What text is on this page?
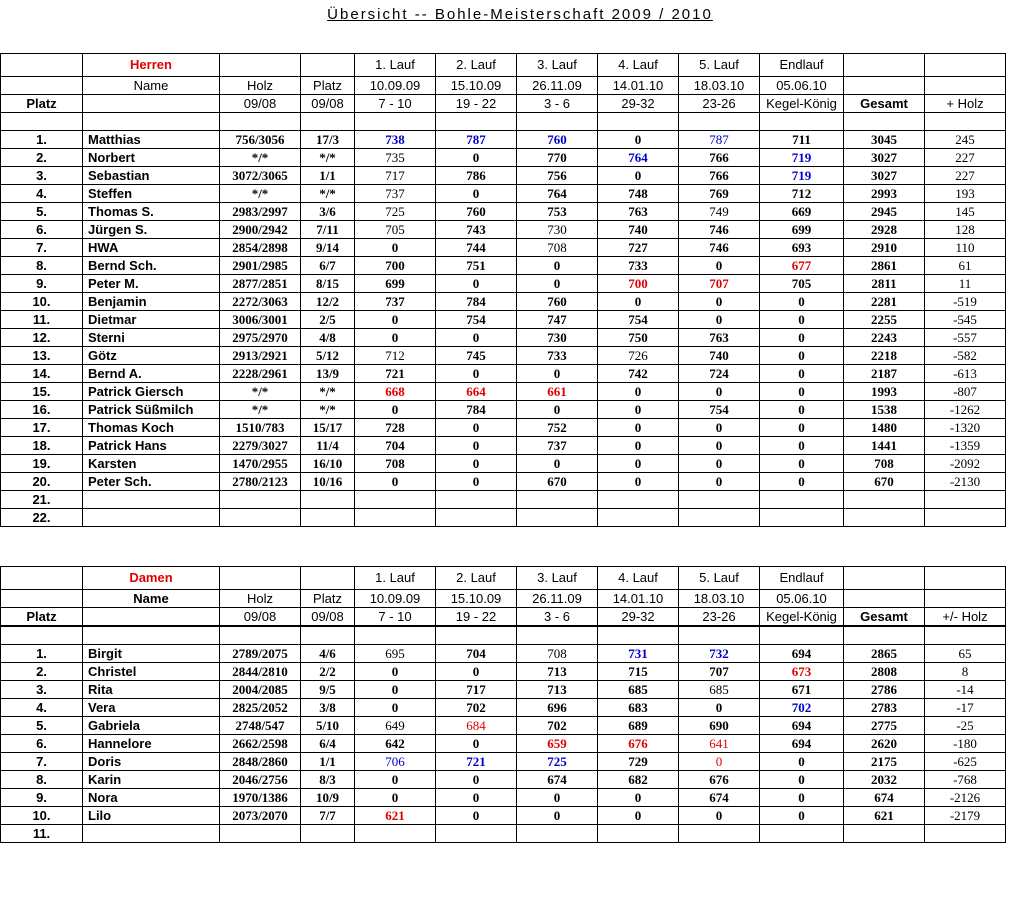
Übersicht -- Bohle-Meisterschaft 2009 / 2010
	Herren			1. Lauf	2. Lauf	3. Lauf	4. Lauf	5. Lauf	Endlauf		
	Name	Holz	Platz	10.09.09	15.10.09	26.11.09	14.01.10	18.03.10	05.06.10		
Platz		09/08	09/08	7 - 10	19 - 22	3 - 6	29-32	23-26	Kegel-König	Gesamt	+ Holz

1.	Matthias	756/3056	17/3	738	787	760	0	787	711	3045	245
2.	Norbert	*/*	*/*	735	0	770	764	766	719	3027	227
3.	Sebastian	3072/3065	1/1	717	786	756	0	766	719	3027	227
4.	Steffen	*/*	*/*	737	0	764	748	769	712	2993	193
5.	Thomas S.	2983/2997	3/6	725	760	753	763	749	669	2945	145
6.	Jürgen S.	2900/2942	7/11	705	743	730	740	746	699	2928	128
7.	HWA	2854/2898	9/14	0	744	708	727	746	693	2910	110
8.	Bernd Sch.	2901/2985	6/7	700	751	0	733	0	677	2861	61
9.	Peter M.	2877/2851	8/15	699	0	0	700	707	705	2811	11
10.	Benjamin	2272/3063	12/2	737	784	760	0	0	0	2281	-519
11.	Dietmar	3006/3001	2/5	0	754	747	754	0	0	2255	-545
12.	Sterni	2975/2970	4/8	0	0	730	750	763	0	2243	-557
13.	Götz	2913/2921	5/12	712	745	733	726	740	0	2218	-582
14.	Bernd A.	2228/2961	13/9	721	0	0	742	724	0	2187	-613
15.	Patrick Giersch	*/*	*/*	668	664	661	0	0	0	1993	-807
16.	Patrick Süßmilch	*/*	*/*	0	784	0	0	754	0	1538	-1262
17.	Thomas Koch	1510/783	15/17	728	0	752	0	0	0	1480	-1320
18.	Patrick Hans	2279/3027	11/4	704	0	737	0	0	0	1441	-1359
19.	Karsten	1470/2955	16/10	708	0	0	0	0	0	708	-2092
20.	Peter Sch.	2780/2123	10/16	0	0	670	0	0	0	670	-2130
21.											
22.											
	Damen			1. Lauf	2. Lauf	3. Lauf	4. Lauf	5. Lauf	Endlauf		
	Name	Holz	Platz	10.09.09	15.10.09	26.11.09	14.01.10	18.03.10	05.06.10		
Platz		09/08	09/08	7 - 10	19 - 22	3 - 6	29-32	23-26	Kegel-König	Gesamt	+/- Holz

1.	Birgit	2789/2075	4/6	695	704	708	731	732	694	2865	65
2.	Christel	2844/2810	2/2	0	0	713	715	707	673	2808	8
3.	Rita	2004/2085	9/5	0	717	713	685	685	671	2786	-14
4.	Vera	2825/2052	3/8	0	702	696	683	0	702	2783	-17
5.	Gabriela	2748/547	5/10	649	684	702	689	690	694	2775	-25
6.	Hannelore	2662/2598	6/4	642	0	659	676	641	694	2620	-180
7.	Doris	2848/2860	1/1	706	721	725	729	0	0	2175	-625
8.	Karin	2046/2756	8/3	0	0	674	682	676	0	2032	-768
9.	Nora	1970/1386	10/9	0	0	0	0	674	0	674	-2126
10.	Lilo	2073/2070	7/7	621	0	0	0	0	0	621	-2179
11.											
